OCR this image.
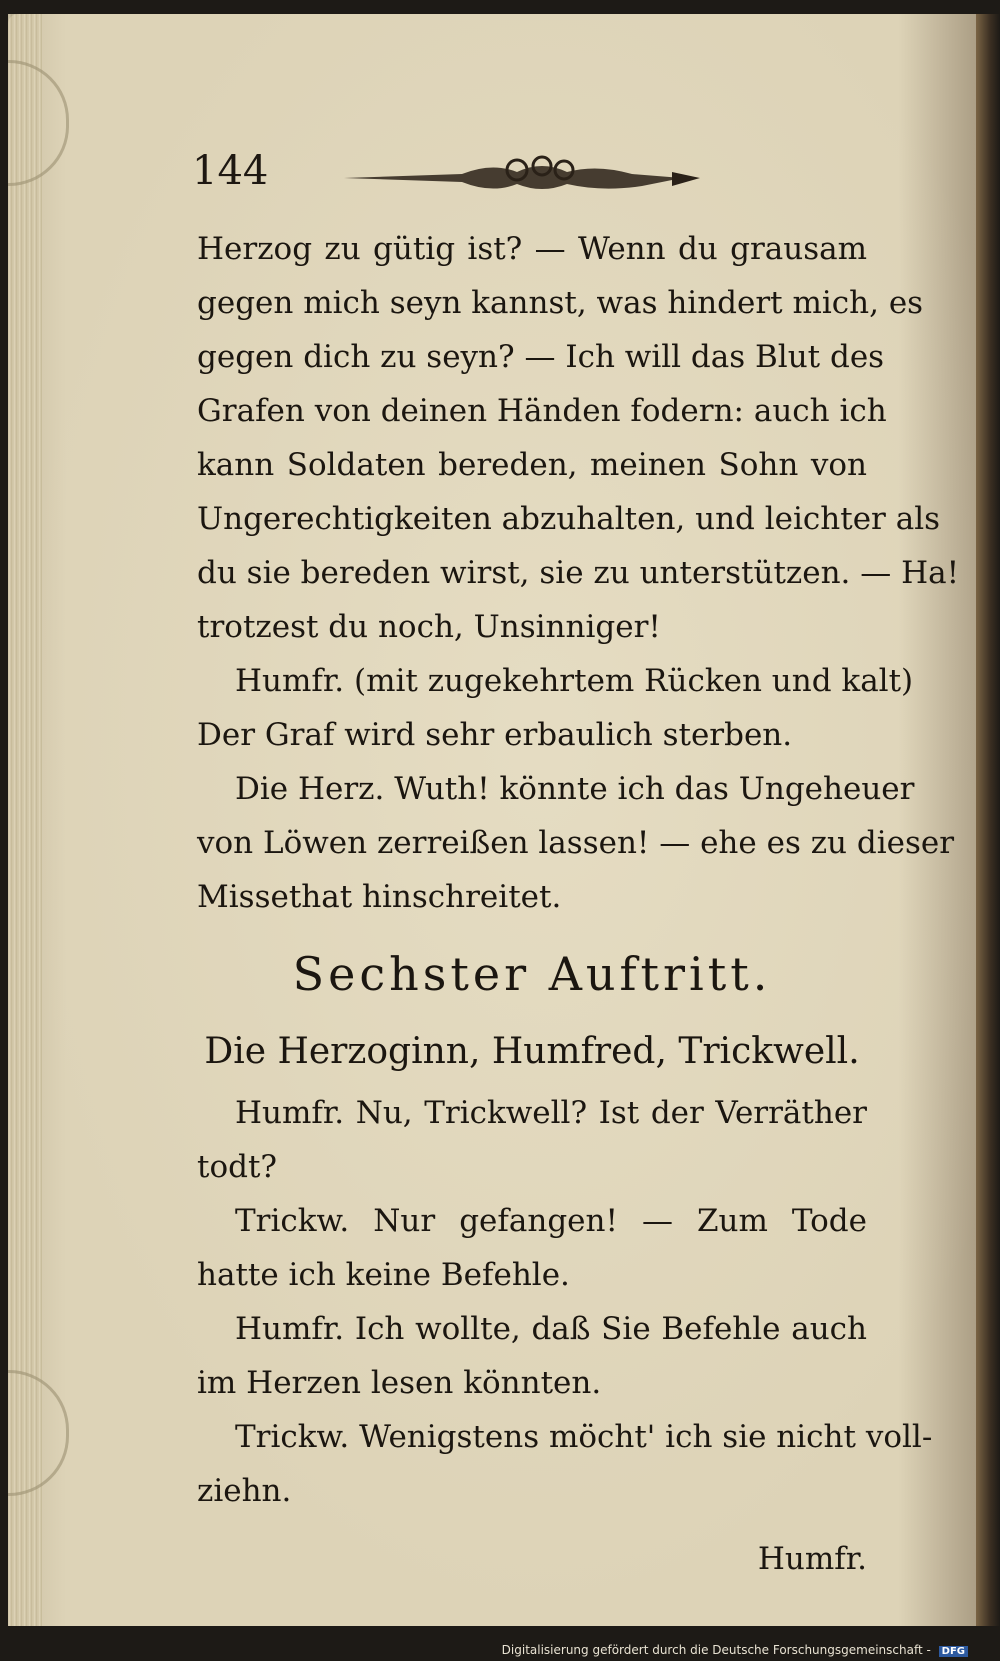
144
Herzog zu gütig ist? — Wenn du grausam
gegen mich seyn kannst, was hindert mich, es
gegen dich zu seyn? — Ich will das Blut des
Grafen von deinen Händen fodern: auch ich
kann Soldaten bereden, meinen Sohn von
Ungerechtigkeiten abzuhalten, und leichter als
du sie bereden wirst, sie zu unterstützen. — Ha!
trotzest du noch, Unsinniger!
Humfr. (mit zugekehrtem Rücken und kalt)
Der Graf wird sehr erbaulich sterben.
Die Herz. Wuth! könnte ich das Ungeheuer
von Löwen zerreißen lassen! — ehe es zu dieser
Missethat hinschreitet.
Sechster Auftritt.
Die Herzoginn, Humfred, Trickwell.
Humfr. Nu, Trickwell? Ist der Verräther
todt?
Trickw. Nur gefangen! — Zum Tode
hatte ich keine Befehle.
Humfr. Ich wollte, daß Sie Befehle auch
im Herzen lesen könnten.
Trickw. Wenigstens möcht' ich sie nicht voll-
ziehn.
Humfr.
Digitalisierung gefördert durch die Deutsche Forschungsgemeinschaft - DFG
